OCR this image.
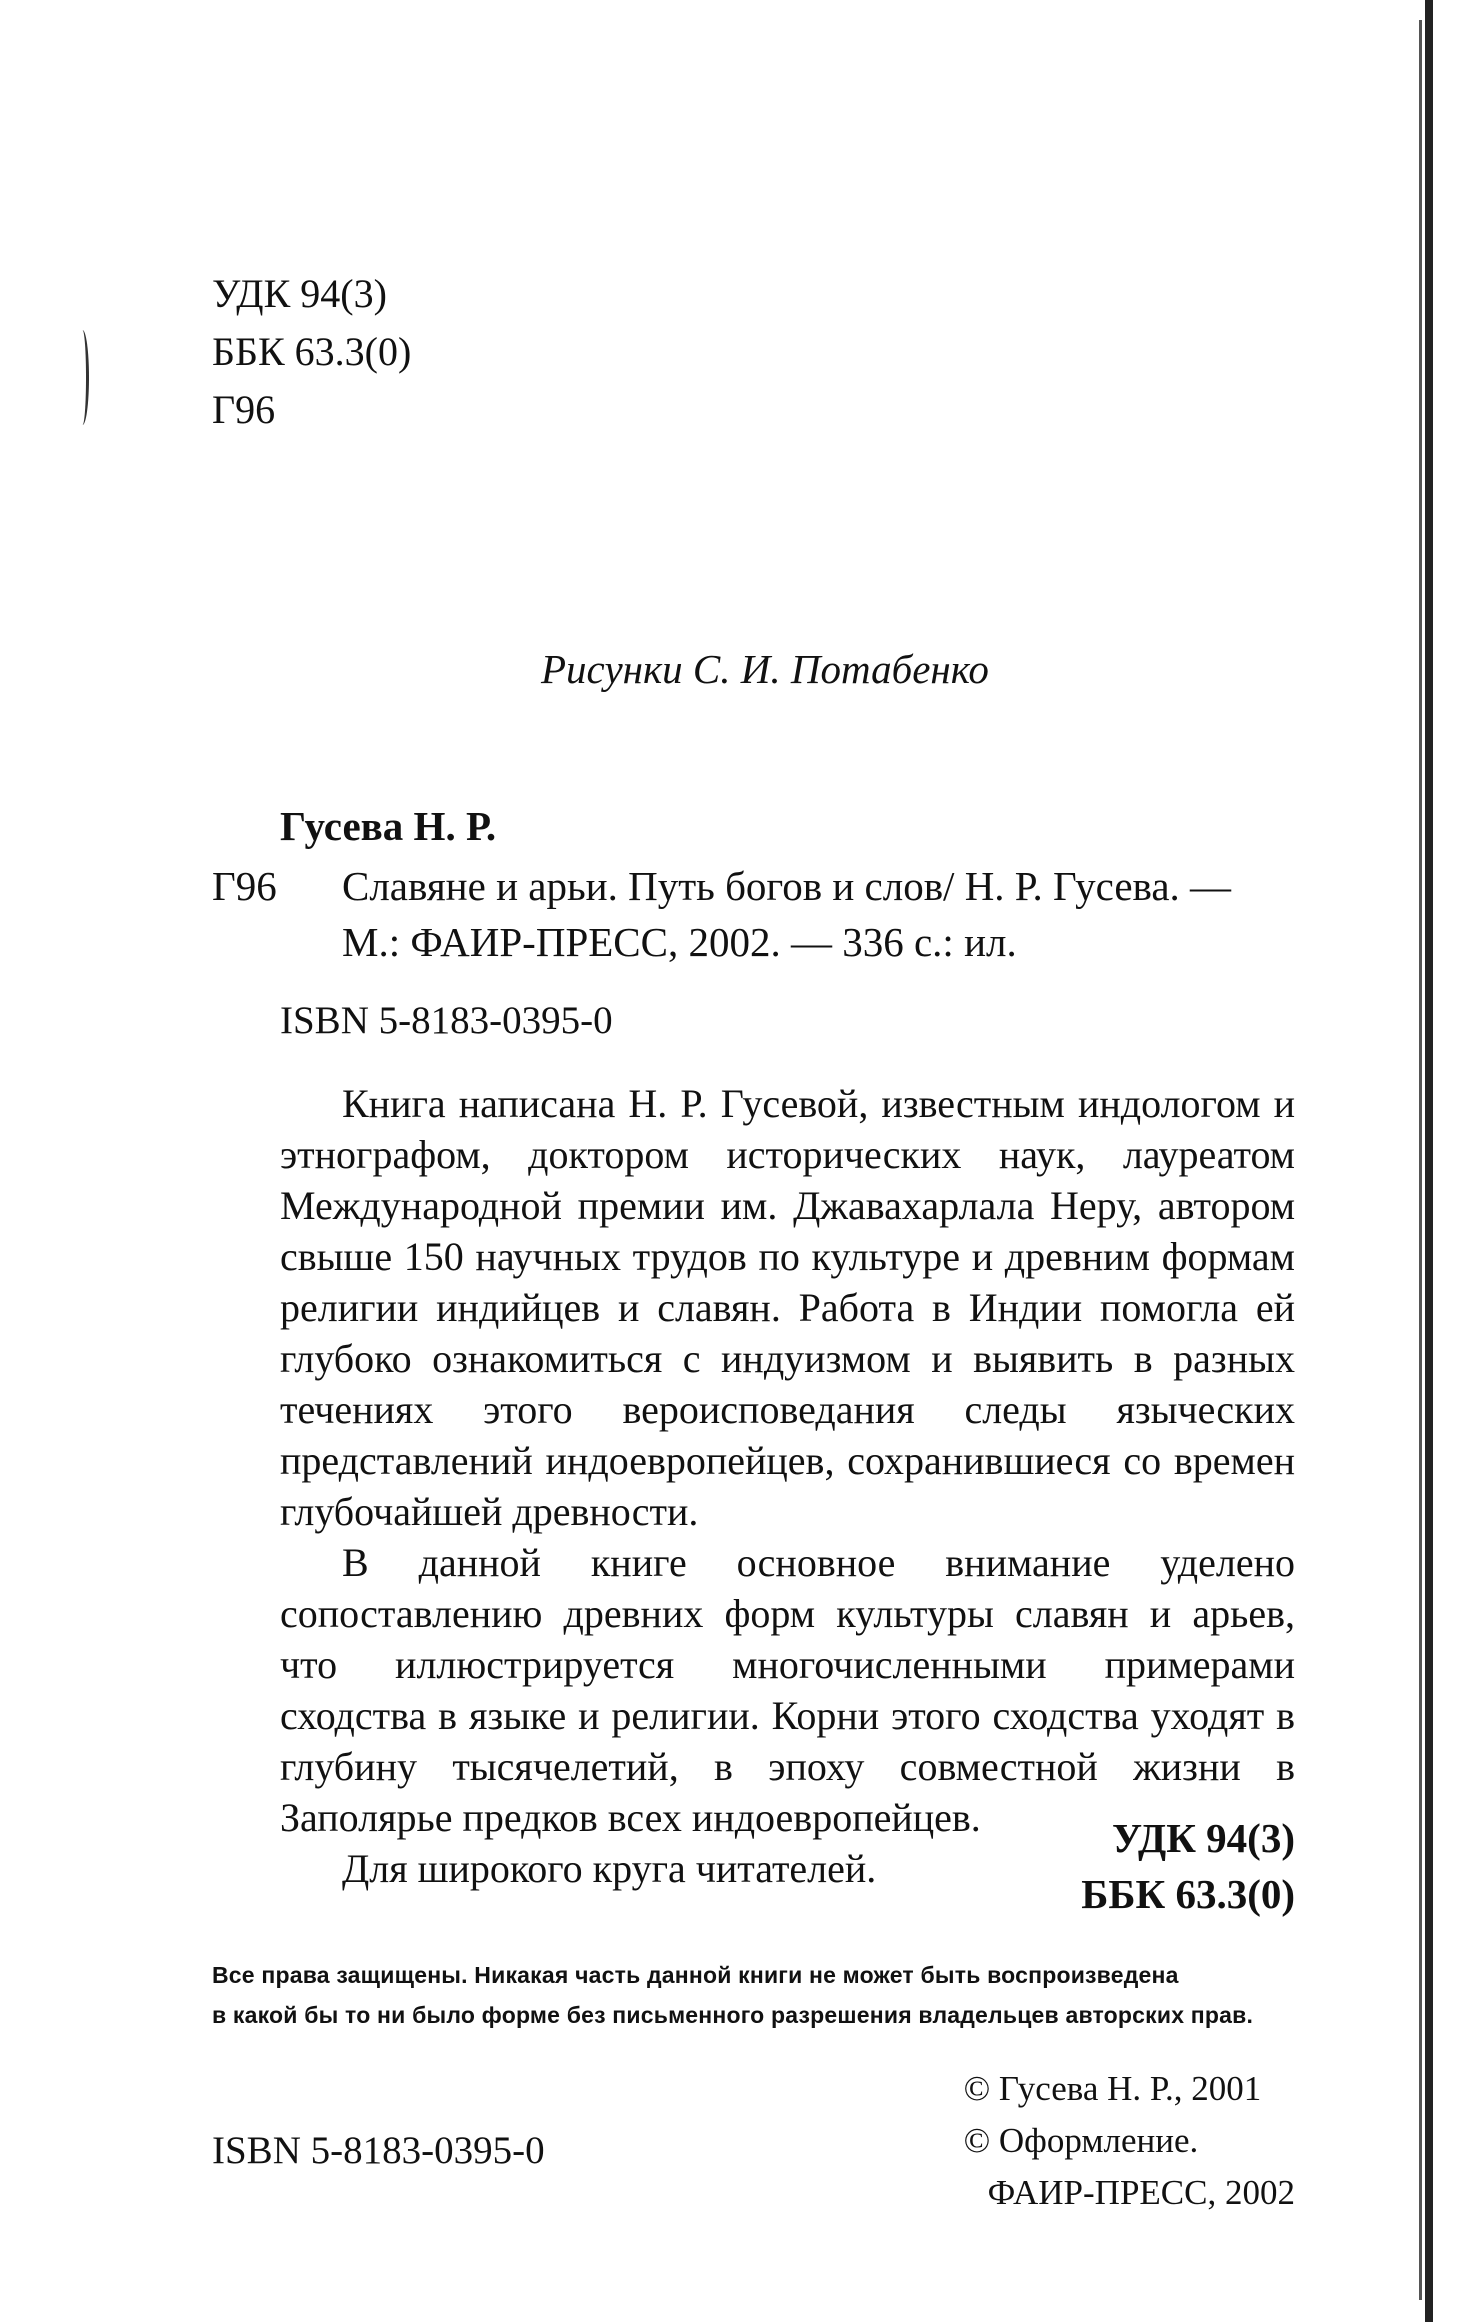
УДК 94(3)
ББК 63.3(0)
Г96
Рисунки С. И. Потабенко
Гусева Н. Р.
Г96 Славяне и арьи. Путь богов и слов/ Н. Р. Гусева. —
М.: ФАИР-ПРЕСС, 2002. — 336 с.: ил.
ISBN 5-8183-0395-0

Книга написана Н. Р. Гусевой, известным индологом и этнографом, доктором исторических наук, лауреатом Международной премии им. Джавахарлала Неру, автором свыше 150 научных трудов по культуре и древним формам религии индийцев и славян. Работа в Индии помогла ей глубоко ознакомиться с индуизмом и выявить в разных течениях этого вероисповедания следы языческих представлений индоевропейцев, сохранившиеся со времен глубочайшей древности.

В данной книге основное внимание уделено сопоставлению древних форм культуры славян и арьев, что иллюстрируется многочисленными примерами сходства в языке и религии. Корни этого сходства уходят в глубину тысячелетий, в эпоху совместной жизни в Заполярье предков всех индоевропейцев.

Для широкого круга читателей.

УДК 94(3)
ББК 63.3(0)
Все права защищены. Никакая часть данной книги не может быть воспроизведена
в какой бы то ни было форме без письменного разрешения владельцев авторских прав.
ISBN 5-8183-0395-0
© Гусева Н. Р., 2001
© Оформление.
ФАИР-ПРЕСС, 2002
